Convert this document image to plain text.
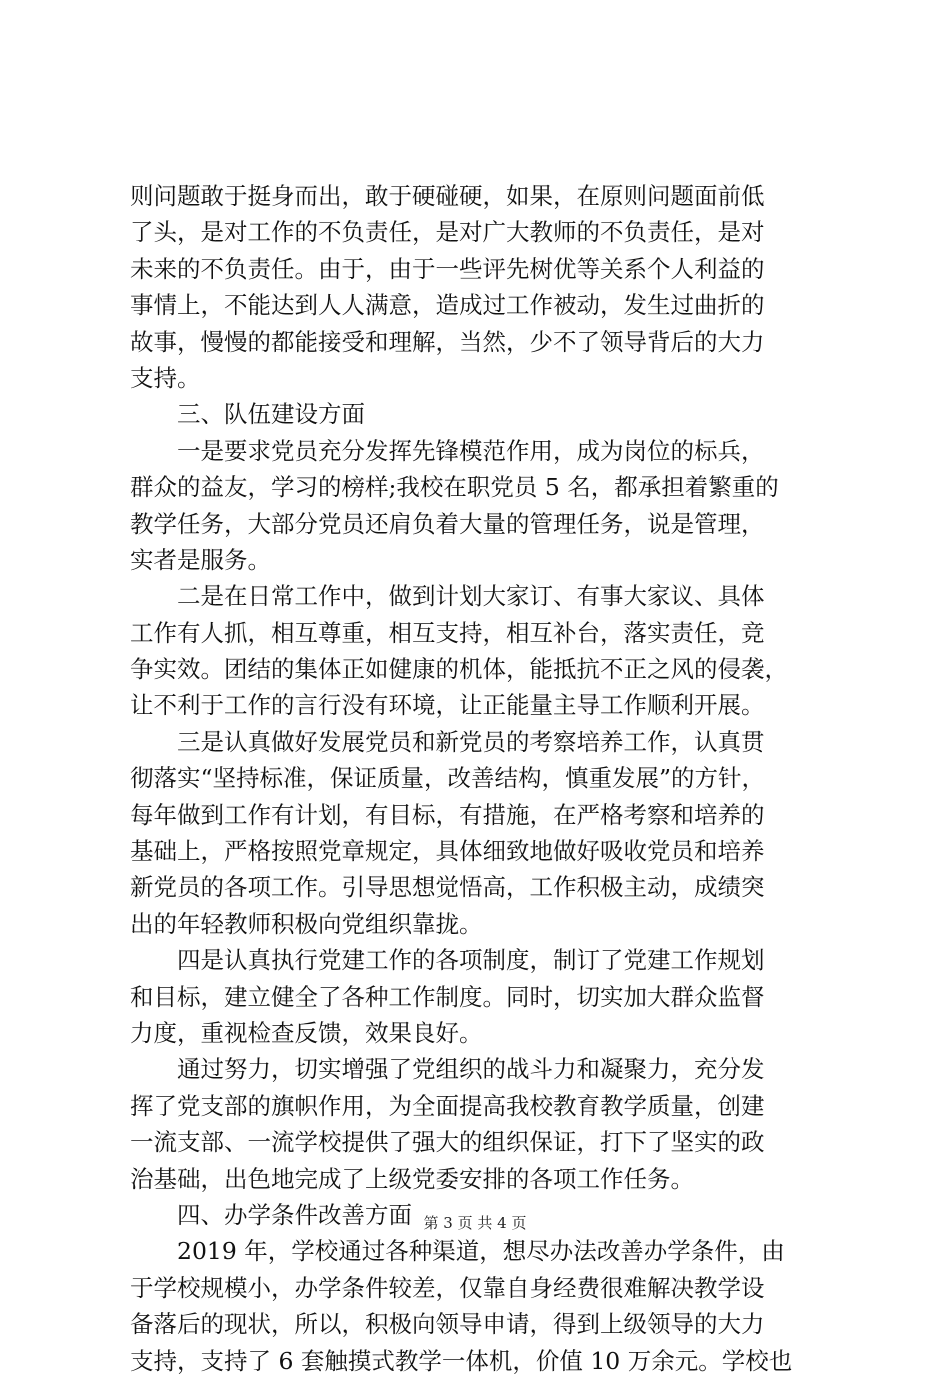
则问题敢于挺身而出，敢于硬碰硬，如果，在原则问题面前低
了头，是对工作的不负责任，是对广大教师的不负责任，是对
未来的不负责任。由于，由于一些评先树优等关系个人利益的
事情上，不能达到人人满意，造成过工作被动，发生过曲折的
故事，慢慢的都能接受和理解，当然，少不了领导背后的大力
支持。
三、队伍建设方面
一是要求党员充分发挥先锋模范作用，成为岗位的标兵，
群众的益友，学习的榜样;我校在职党员 5 名，都承担着繁重的
教学任务，大部分党员还肩负着大量的管理任务，说是管理，
实者是服务。
二是在日常工作中，做到计划大家订、有事大家议、具体
工作有人抓，相互尊重，相互支持，相互补台，落实责任，竞
争实效。团结的集体正如健康的机体，能抵抗不正之风的侵袭，
让不利于工作的言行没有环境，让正能量主导工作顺利开展。
三是认真做好发展党员和新党员的考察培养工作，认真贯
彻落实“坚持标准，保证质量，改善结构，慎重发展”的方针，
每年做到工作有计划，有目标，有措施，在严格考察和培养的
基础上，严格按照党章规定，具体细致地做好吸收党员和培养
新党员的各项工作。引导思想觉悟高，工作积极主动，成绩突
出的年轻教师积极向党组织靠拢。
四是认真执行党建工作的各项制度，制订了党建工作规划
和目标，建立健全了各种工作制度。同时，切实加大群众监督
力度，重视检查反馈，效果良好。
通过努力，切实增强了党组织的战斗力和凝聚力，充分发
挥了党支部的旗帜作用，为全面提高我校教育教学质量，创建
一流支部、一流学校提供了强大的组织保证，打下了坚实的政
治基础，出色地完成了上级党委安排的各项工作任务。
四、办学条件改善方面
2019 年，学校通过各种渠道，想尽办法改善办学条件，由
于学校规模小，办学条件较差，仅靠自身经费很难解决教学设
备落后的现状，所以，积极向领导申请，得到上级领导的大力
支持，支持了 6 套触摸式教学一体机，价值 10 万余元。学校也
第 3 页 共 4 页
